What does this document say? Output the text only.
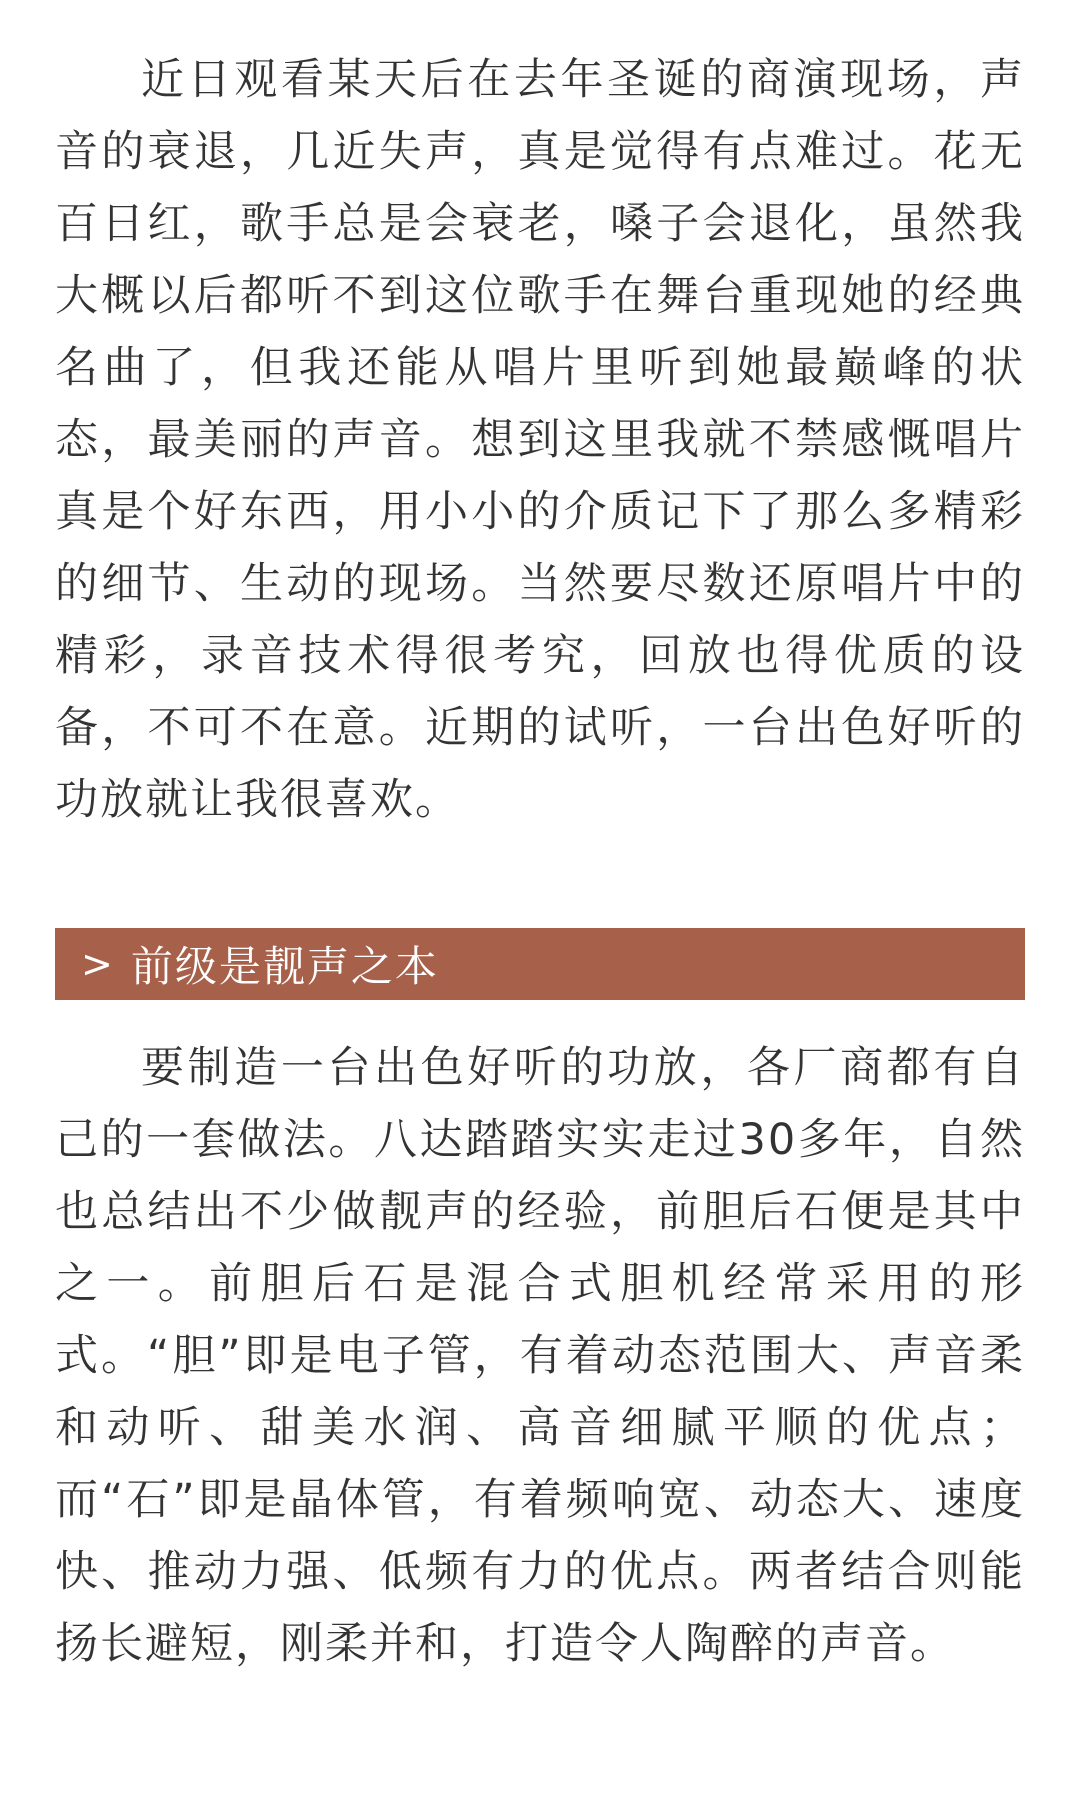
近日观看某天后在去年圣诞的商演现场，声音的衰退，几近失声，真是觉得有点难过。花无百日红，歌手总是会衰老，嗓子会退化，虽然我大概以后都听不到这位歌手在舞台重现她的经典名曲了，但我还能从唱片里听到她最巅峰的状态，最美丽的声音。想到这里我就不禁感慨唱片真是个好东西，用小小的介质记下了那么多精彩的细节、生动的现场。当然要尽数还原唱片中的精彩，录音技术得很考究，回放也得优质的设备，不可不在意。近期的试听，一台出色好听的功放就让我很喜欢。

> 前级是靓声之本

要制造一台出色好听的功放，各厂商都有自己的一套做法。八达踏踏实实走过30多年，自然也总结出不少做靓声的经验，前胆后石便是其中之一。前胆后石是混合式胆机经常采用的形式。“胆”即是电子管，有着动态范围大、声音柔和动听、甜美水润、高音细腻平顺的优点；而“石”即是晶体管，有着频响宽、动态大、速度快、推动力强、低频有力的优点。两者结合则能扬长避短，刚柔并和，打造令人陶醉的声音。
